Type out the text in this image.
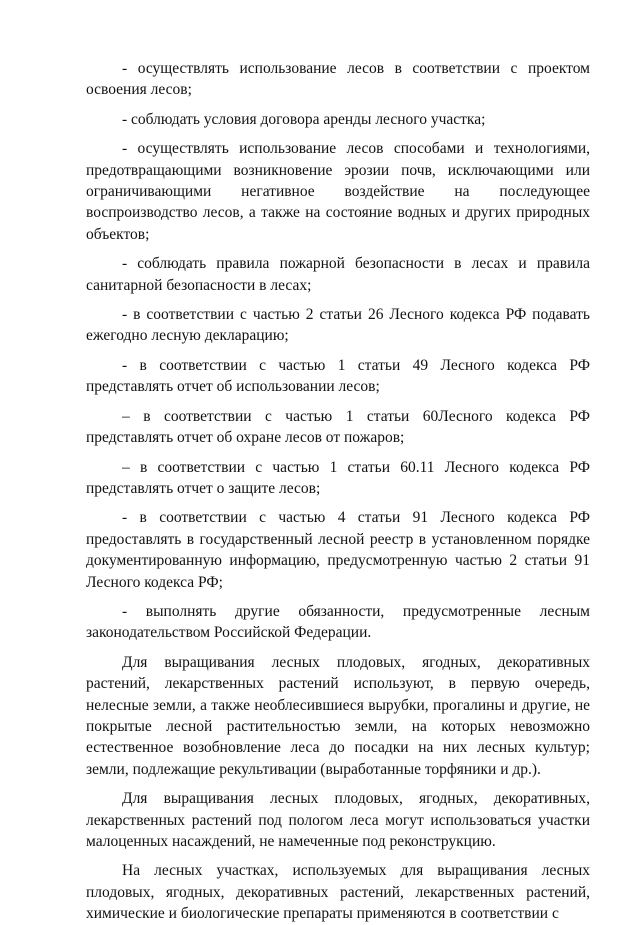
- осуществлять использование лесов в соответствии с проектом освоения лесов;

- соблюдать условия договора аренды лесного участка;

- осуществлять использование лесов способами и технологиями, предотвращающими возникновение эрозии почв, исключающими или ограничивающими негативное воздействие на последующее воспроизводство лесов, а также на состояние водных и других природных объектов;

- соблюдать правила пожарной безопасности в лесах и правила санитарной безопасности в лесах;

- в соответствии с частью 2 статьи 26 Лесного кодекса РФ подавать ежегодно лесную декларацию;

- в соответствии с частью 1 статьи 49 Лесного кодекса РФ представлять отчет об использовании лесов;

– в соответствии с частью 1 статьи 60Лесного кодекса РФ представлять отчет об охране лесов от пожаров;

– в соответствии с частью 1 статьи 60.11 Лесного кодекса РФ представлять отчет о защите лесов;

- в соответствии с частью 4 статьи 91 Лесного кодекса РФ предоставлять в государственный лесной реестр в установленном порядке документированную информацию, предусмотренную частью 2 статьи 91 Лесного кодекса РФ;

- выполнять другие обязанности, предусмотренные лесным законодательством Российской Федерации.

Для выращивания лесных плодовых, ягодных, декоративных растений, лекарственных растений используют, в первую очередь, нелесные земли, а также необлесившиеся вырубки, прогалины и другие, не покрытые лесной растительностью земли, на которых невозможно естественное возобновление леса до посадки на них лесных культур; земли, подлежащие рекультивации (выработанные торфяники и др.).

Для выращивания лесных плодовых, ягодных, декоративных, лекарственных растений под пологом леса могут использоваться участки малоценных насаждений, не намеченные под реконструкцию.

На лесных участках, используемых для выращивания лесных плодовых, ягодных, декоративных растений, лекарственных растений, химические и биологические препараты применяются в соответствии с
